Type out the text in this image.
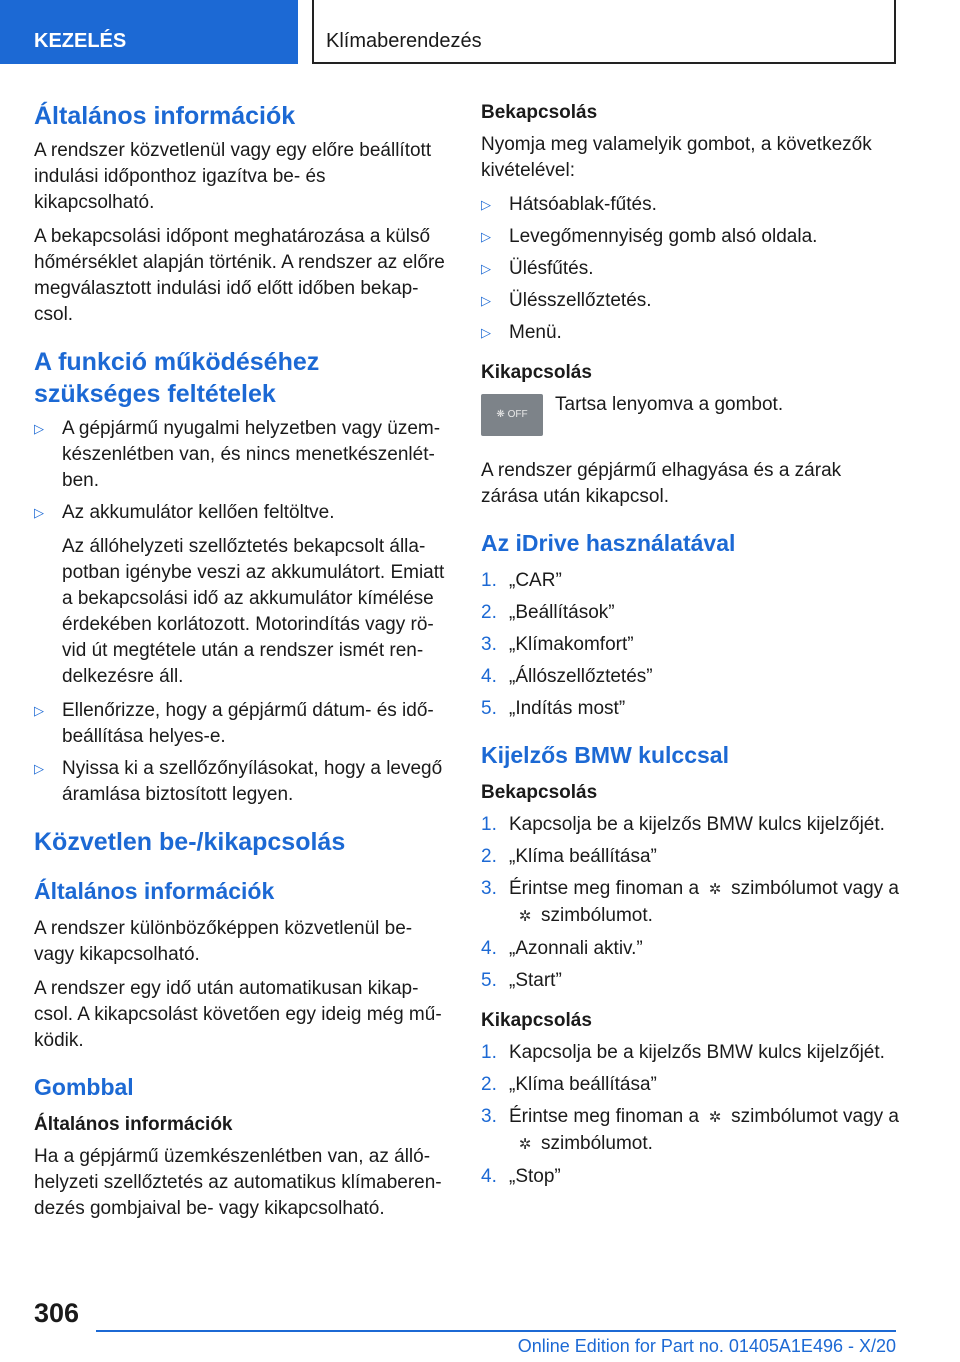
KEZELÉS	Klímaberendezés
Általános információk

A rendszer közvetlenül vagy egy előre beállított indulási időponthoz igazítva be- és kikapcsolható.

A bekapcsolási időpont meghatározása a külső hőmérséklet alapján történik. A rendszer az előre megválasztott indulási idő előtt időben bekap-csol.

A funkció működéséhez szükséges feltételek
▷ A gépjármű nyugalmi helyzetben vagy üzem-készenlétben van, és nincs menetkészenlét-ben.
▷ Az akkumulátor kellően feltöltve.

Az állóhelyzeti szellőztetés bekapcsolt álla-potban igénybe veszi az akkumulátort. Emiatt a bekapcsolási idő az akkumulátor kímélése érdekében korlátozott. Motorindítás vagy rö-vid út megtétele után a rendszer ismét ren-delkezésre áll.

▷ Ellenőrizze, hogy a gépjármű dátum- és idő-beállítása helyes-e.
▷ Nyissa ki a szellőzőnyílásokat, hogy a levegő áramlása biztosított legyen.
Közvetlen be-/kikapcsolás
Általános információk

A rendszer különbözőképpen közvetlenül be- vagy kikapcsolható.

A rendszer egy idő után automatikusan kikap-csol. A kikapcsolást követően egy ideig még mű-ködik.

Gombbal
Általános információk

Ha a gépjármű üzemkészenlétben van, az álló-helyzeti szellőztetés az automatikus klímaberen-dezés gombjaival be- vagy kikapcsolható.

Bekapcsolás

Nyomja meg valamelyik gombot, a következők kivételével:

▷ Hátsóablak-fűtés.
▷ Levegőmennyiség gomb alsó oldala.
▷ Ülésfűtés.
▷ Ülésszellőztetés.
▷ Menü.
Kikapcsolás
❋ OFF	Tartsa lenyomva a gombot.

A rendszer gépjármű elhagyása és a zárak zárása után kikapcsol.

Az iDrive használatával
1. „CAR”
2. „Beállítások”
3. „Klímakomfort”
4. „Állószellőztetés”
5. „Indítás most”
Kijelzős BMW kulccsal
Bekapcsolás
1. Kapcsolja be a kijelzős BMW kulcs kijelzőjét.
2. „Klíma beállítása”
3. Érintse meg finoman a ✲ szimbólumot vagy a✲ szimbólumot.
4. „Azonnali aktiv.”
5. „Start”
Kikapcsolás
1. Kapcsolja be a kijelzős BMW kulcs kijelzőjét.
2. „Klíma beállítása”
3. Érintse meg finoman a ✲ szimbólumot vagy a✲ szimbólumot.
4. „Stop”
306
Online Edition for Part no. 01405A1E496 - X/20
